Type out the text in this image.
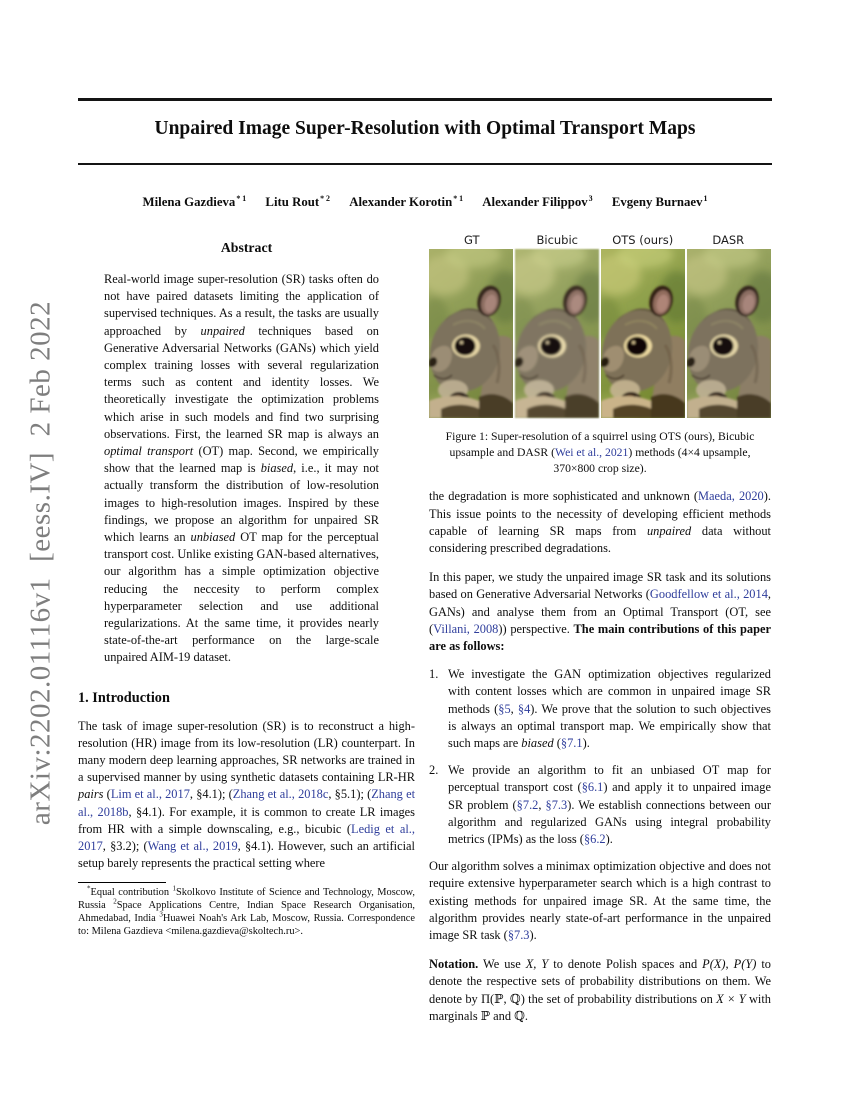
arXiv:2202.01116v1  [eess.IV]  2 Feb 2022
Unpaired Image Super-Resolution with Optimal Transport Maps
Milena Gazdieva$^{* 1}$ Litu Rout$^{* 2}$ Alexander Korotin$^{* 1}$ Alexander Filippov$^3$ Evgeny Burnaev$^1$
Abstract

Real-world image super-resolution (SR) tasks often do not have paired datasets limiting the application of supervised techniques. As a result, the tasks are usually approached by unpaired techniques based on Generative Adversarial Networks (GANs) which yield complex training losses with several regularization terms such as content and identity losses. We theoretically investigate the optimization problems which arise in such models and find two surprising observations. First, the learned SR map is always an optimal transport (OT) map. Second, we empirically show that the learned map is biased, i.e., it may not actually transform the distribution of low-resolution images to high-resolution images. Inspired by these findings, we propose an algorithm for unpaired SR which learns an unbiased OT map for the perceptual transport cost. Unlike existing GAN-based alternatives, our algorithm has a simple optimization objective reducing the neccesity to perform complex hyperparameter selection and use additional regularizations. At the same time, it provides nearly state-of-the-art performance on the large-scale unpaired AIM-19 dataset.

1. Introduction

The task of image super-resolution (SR) is to reconstruct a high-resolution (HR) image from its low-resolution (LR) counterpart. In many modern deep learning approaches, SR networks are trained in a supervised manner by using synthetic datasets containing LR-HR pairs (Lim et al., 2017, §4.1); (Zhang et al., 2018c, §5.1); (Zhang et al., 2018b, §4.1). For example, it is common to create LR images from HR with a simple downscaling, e.g., bicubic (Ledig et al., 2017, §3.2); (Wang et al., 2019, §4.1). However, such an artificial setup barely represents the practical setting where

*Equal contribution $^1$Skolkovo Institute of Science and Technology, Moscow, Russia $^2$Space Applications Centre, Indian Space Research Organisation, Ahmedabad, India $^3$Huawei Noah's Ark Lab, Moscow, Russia. Correspondence to: Milena Gazdieva <milena.gazdieva@skoltech.ru>.

GT	Bicubic	OTS (ours)	DASR
Figure 1: Super-resolution of a squirrel using OTS (ours), Bicubic upsample and DASR (Wei et al., 2021) methods (4×4 upsample, 370×800 crop size).

the degradation is more sophisticated and unknown (Maeda, 2020). This issue points to the necessity of developing efficient methods capable of learning SR maps from unpaired data without considering prescribed degradations.

In this paper, we study the unpaired image SR task and its solutions based on Generative Adversarial Networks (Goodfellow et al., 2014, GANs) and analyse them from an Optimal Transport (OT, see (Villani, 2008)) perspective. The main contributions of this paper are as follows:

1. We investigate the GAN optimization objectives regularized with content losses which are common in unpaired image SR methods (§5, §4). We prove that the solution to such objectives is always an optimal transport map. We empirically show that such maps are biased (§7.1).
2. We provide an algorithm to fit an unbiased OT map for perceptual transport cost (§6.1) and apply it to unpaired image SR problem (§7.2, §7.3). We establish connections between our algorithm and regularized GANs using integral probability metrics (IPMs) as the loss (§6.2).

Our algorithm solves a minimax optimization objective and does not require extensive hyperparameter search which is a high contrast to existing methods for unpaired image SR. At the same time, the algorithm provides nearly state-of-art performance in the unpaired image SR task (§7.3).

Notation. We use X, Y to denote Polish spaces and P(X), P(Y) to denote the respective sets of probability distributions on them. We denote by Π(ℙ, ℚ) the set of probability distributions on X × Y with marginals ℙ and ℚ.
